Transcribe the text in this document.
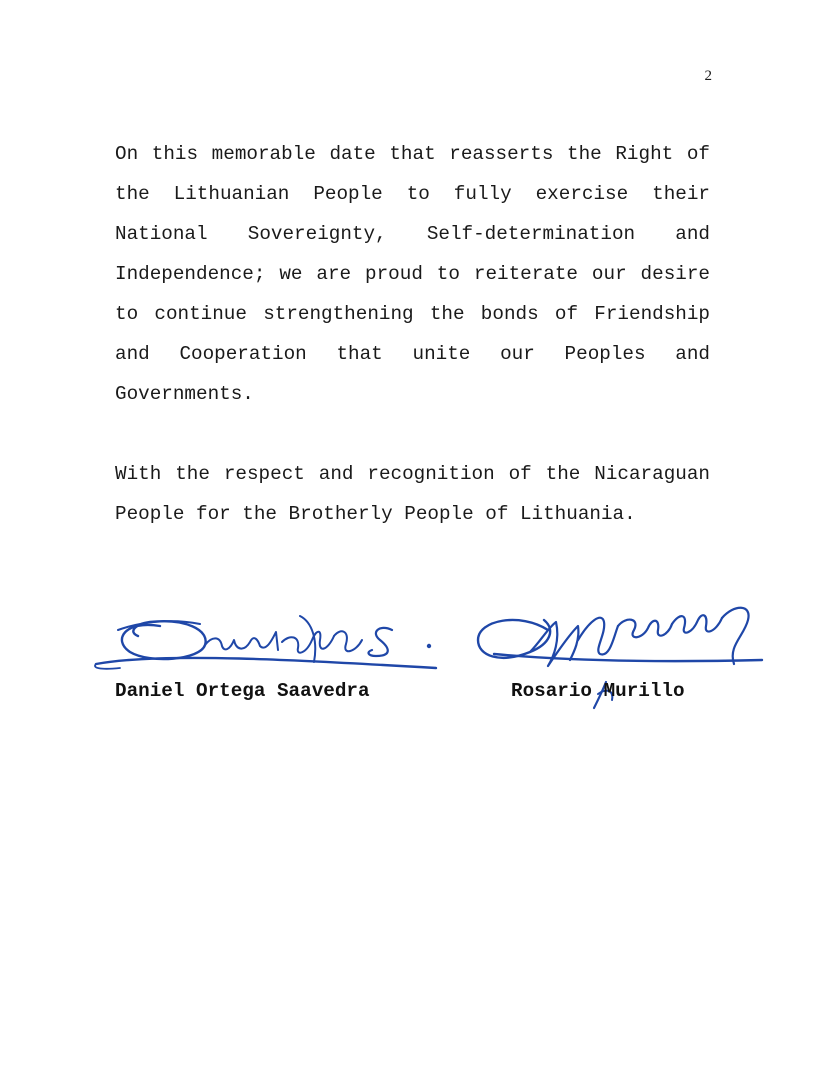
2

On this memorable date that reasserts the Right of the Lithuanian People to fully exercise their National Sovereignty, Self-determination and Independence; we are proud to reiterate our desire to continue strengthening the bonds of Friendship and Cooperation that unite our Peoples and Governments.

With the respect and recognition of the Nicaraguan People for the Brotherly People of Lithuania.

Daniel Ortega Saavedra	Rosario Murillo
